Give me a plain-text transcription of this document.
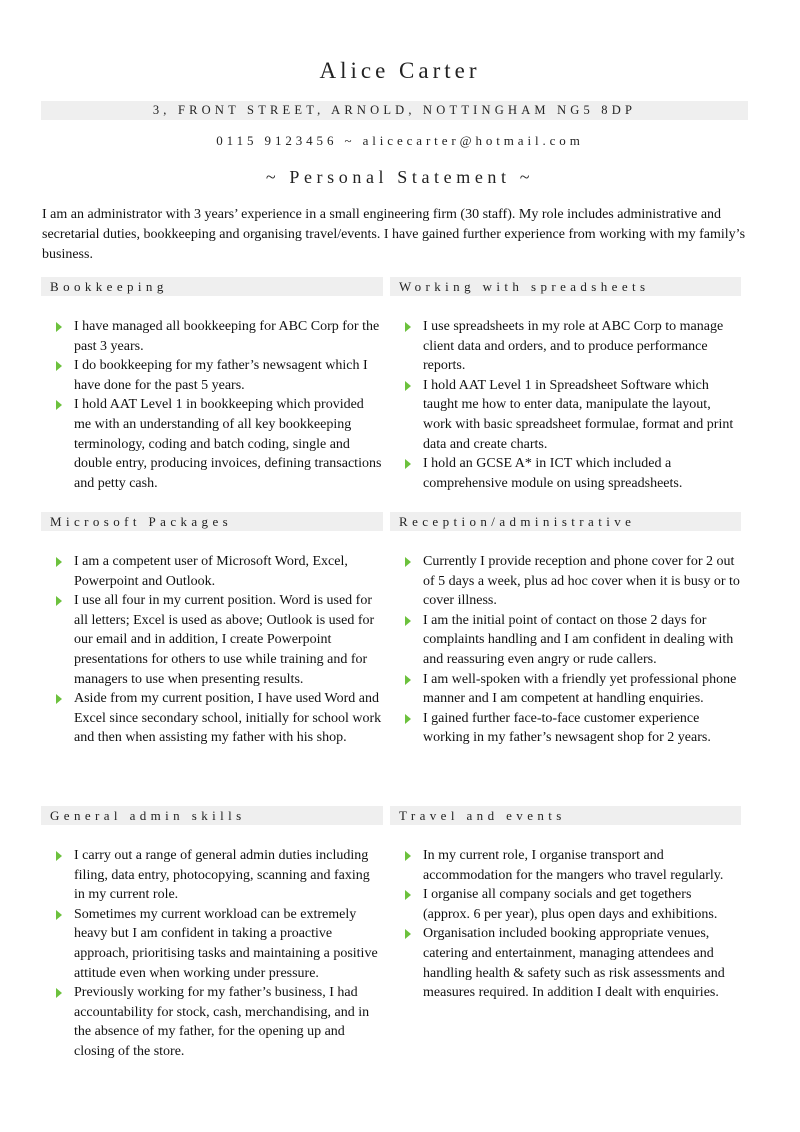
Alice Carter
3, FRONT STREET, ARNOLD, NOTTINGHAM NG5 8DP
0115 9123456 ~ alicecarter@hotmail.com
~ Personal Statement ~

I am an administrator with 3 years’ experience in a small engineering firm (30 staff). My role includes administrative and secretarial duties, bookkeeping and organising travel/events. I have gained further experience from working with my family’s business.

Bookkeeping
I have managed all bookkeeping for ABC Corp for the past 3 years.
I do bookkeeping for my father’s newsagent which I have done for the past 5 years.
I hold AAT Level 1 in bookkeeping which provided me with an understanding of all key bookkeeping terminology, coding and batch coding, single and double entry, producing invoices, defining transactions and petty cash.
Working with spreadsheets
I use spreadsheets in my role at ABC Corp to manage client data and orders, and to produce performance reports.
I hold AAT Level 1 in Spreadsheet Software which taught me how to enter data, manipulate the layout, work with basic spreadsheet formulae, format and print data and create charts.
I hold an GCSE A* in ICT which included a comprehensive module on using spreadsheets.
Microsoft Packages
I am a competent user of Microsoft Word, Excel, Powerpoint and Outlook.
I use all four in my current position. Word is used for all letters; Excel is used as above; Outlook is used for our email and in addition, I create Powerpoint presentations for others to use while training and for managers to use when presenting results.
Aside from my current position, I have used Word and Excel since secondary school, initially for school work and then when assisting my father with his shop.
Reception/administrative
Currently I provide reception and phone cover for 2 out of 5 days a week, plus ad hoc cover when it is busy or to cover illness.
I am the initial point of contact on those 2 days for complaints handling and I am confident in dealing with and reassuring even angry or rude callers.
I am well-spoken with a friendly yet professional phone manner and I am competent at handling enquiries.
I gained further face-to-face customer experience working in my father’s newsagent shop for 2 years.
General admin skills
I carry out a range of general admin duties including filing, data entry, photocopying, scanning and faxing in my current role.
Sometimes my current workload can be extremely heavy but I am confident in taking a proactive approach, prioritising tasks and maintaining a positive attitude even when working under pressure.
Previously working for my father’s business, I had accountability for stock, cash, merchandising, and in the absence of my father, for the opening up and closing of the store.
Travel and events
In my current role, I organise transport and accommodation for the mangers who travel regularly.
I organise all company socials and get togethers (approx. 6 per year), plus open days and exhibitions.
Organisation included booking appropriate venues, catering and entertainment, managing attendees and handling health & safety such as risk assessments and measures required. In addition I dealt with enquiries.
